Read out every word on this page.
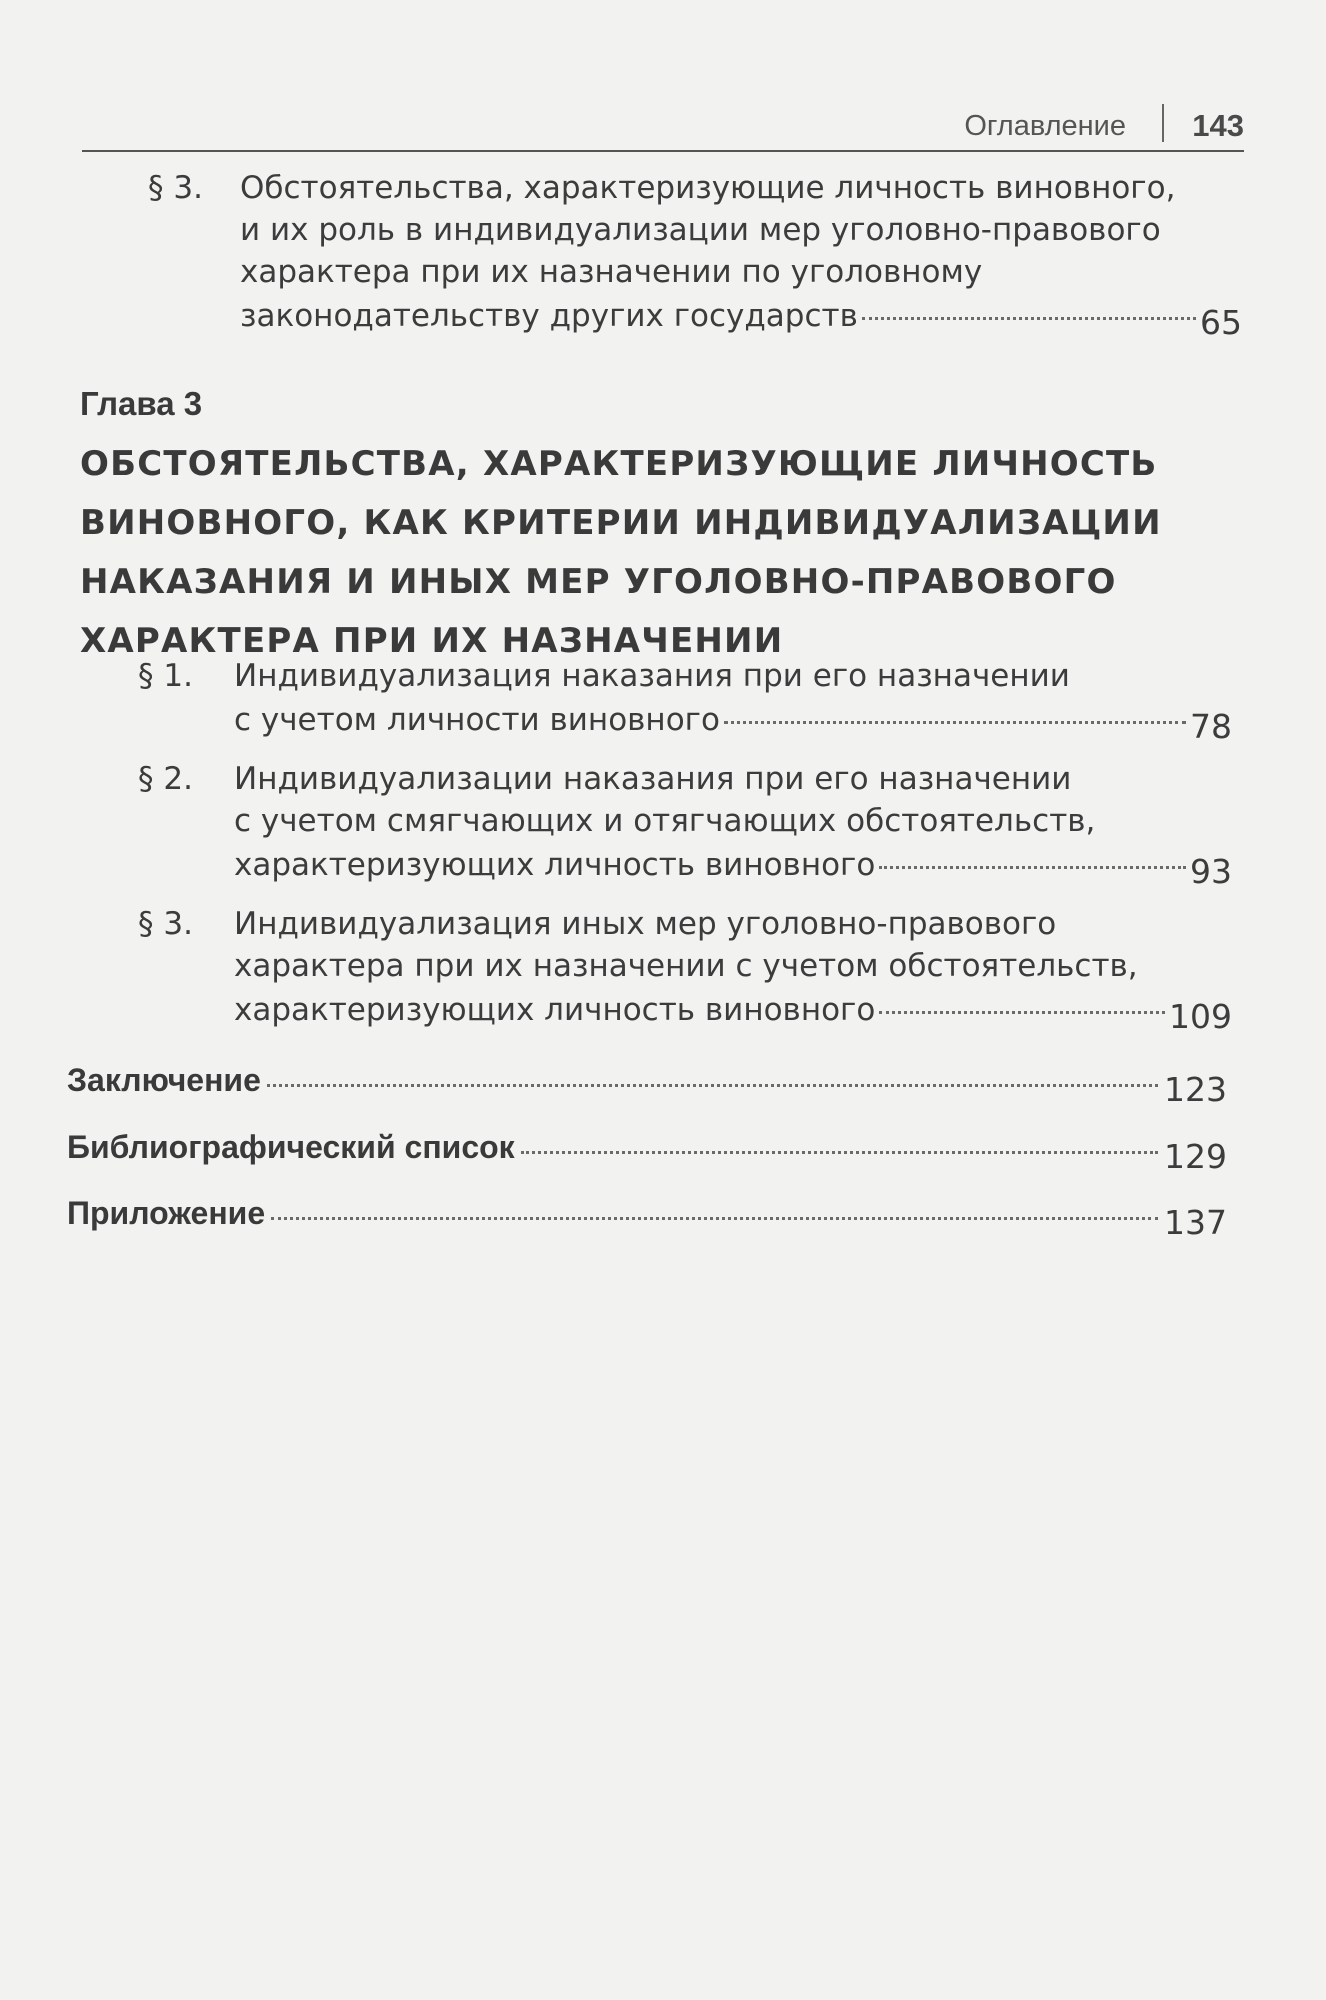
Оглавление 143
§ 3. Обстоятельства, характеризующие личность виновного,
и их роль в индивидуализации мер уголовно-правового
характера при их назначении по уголовному
законодательству других государств	65
Глава 3
ОБСТОЯТЕЛЬСТВА, ХАРАКТЕРИЗУЮЩИЕ ЛИЧНОСТЬ
ВИНОВНОГО, КАК КРИТЕРИИ ИНДИВИДУАЛИЗАЦИИ
НАКАЗАНИЯ И ИНЫХ МЕР УГОЛОВНО-ПРАВОВОГО
ХАРАКТЕРА ПРИ ИХ НАЗНАЧЕНИИ
§ 1. Индивидуализация наказания при его назначении
с учетом личности виновного	78
§ 2. Индивидуализации наказания при его назначении
с учетом смягчающих и отягчающих обстоятельств,
характеризующих личность виновного	93
§ 3. Индивидуализация иных мер уголовно-правового
характера при их назначении с учетом обстоятельств,
характеризующих личность виновного	109
Заключение	123
Библиографический список	129
Приложение	137
